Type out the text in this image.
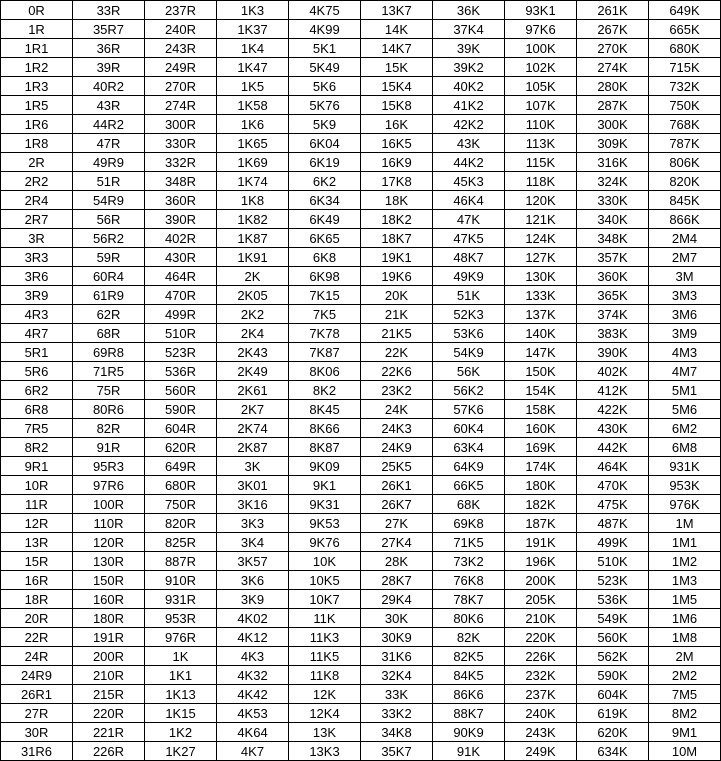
0R	33R	237R	1K3	4K75	13K7	36K	93K1	261K	649K
1R	35R7	240R	1K37	4K99	14K	37K4	97K6	267K	665K
1R1	36R	243R	1K4	5K1	14K7	39K	100K	270K	680K
1R2	39R	249R	1K47	5K49	15K	39K2	102K	274K	715K
1R3	40R2	270R	1K5	5K6	15K4	40K2	105K	280K	732K
1R5	43R	274R	1K58	5K76	15K8	41K2	107K	287K	750K
1R6	44R2	300R	1K6	5K9	16K	42K2	110K	300K	768K
1R8	47R	330R	1K65	6K04	16K5	43K	113K	309K	787K
2R	49R9	332R	1K69	6K19	16K9	44K2	115K	316K	806K
2R2	51R	348R	1K74	6K2	17K8	45K3	118K	324K	820K
2R4	54R9	360R	1K8	6K34	18K	46K4	120K	330K	845K
2R7	56R	390R	1K82	6K49	18K2	47K	121K	340K	866K
3R	56R2	402R	1K87	6K65	18K7	47K5	124K	348K	2M4
3R3	59R	430R	1K91	6K8	19K1	48K7	127K	357K	2M7
3R6	60R4	464R	2K	6K98	19K6	49K9	130K	360K	3M
3R9	61R9	470R	2K05	7K15	20K	51K	133K	365K	3M3
4R3	62R	499R	2K2	7K5	21K	52K3	137K	374K	3M6
4R7	68R	510R	2K4	7K78	21K5	53K6	140K	383K	3M9
5R1	69R8	523R	2K43	7K87	22K	54K9	147K	390K	4M3
5R6	71R5	536R	2K49	8K06	22K6	56K	150K	402K	4M7
6R2	75R	560R	2K61	8K2	23K2	56K2	154K	412K	5M1
6R8	80R6	590R	2K7	8K45	24K	57K6	158K	422K	5M6
7R5	82R	604R	2K74	8K66	24K3	60K4	160K	430K	6M2
8R2	91R	620R	2K87	8K87	24K9	63K4	169K	442K	6M8
9R1	95R3	649R	3K	9K09	25K5	64K9	174K	464K	931K
10R	97R6	680R	3K01	9K1	26K1	66K5	180K	470K	953K
11R	100R	750R	3K16	9K31	26K7	68K	182K	475K	976K
12R	110R	820R	3K3	9K53	27K	69K8	187K	487K	1M
13R	120R	825R	3K4	9K76	27K4	71K5	191K	499K	1M1
15R	130R	887R	3K57	10K	28K	73K2	196K	510K	1M2
16R	150R	910R	3K6	10K5	28K7	76K8	200K	523K	1M3
18R	160R	931R	3K9	10K7	29K4	78K7	205K	536K	1M5
20R	180R	953R	4K02	11K	30K	80K6	210K	549K	1M6
22R	191R	976R	4K12	11K3	30K9	82K	220K	560K	1M8
24R	200R	1K	4K3	11K5	31K6	82K5	226K	562K	2M
24R9	210R	1K1	4K32	11K8	32K4	84K5	232K	590K	2M2
26R1	215R	1K13	4K42	12K	33K	86K6	237K	604K	7M5
27R	220R	1K15	4K53	12K4	33K2	88K7	240K	619K	8M2
30R	221R	1K2	4K64	13K	34K8	90K9	243K	620K	9M1
31R6	226R	1K27	4K7	13K3	35K7	91K	249K	634K	10M
